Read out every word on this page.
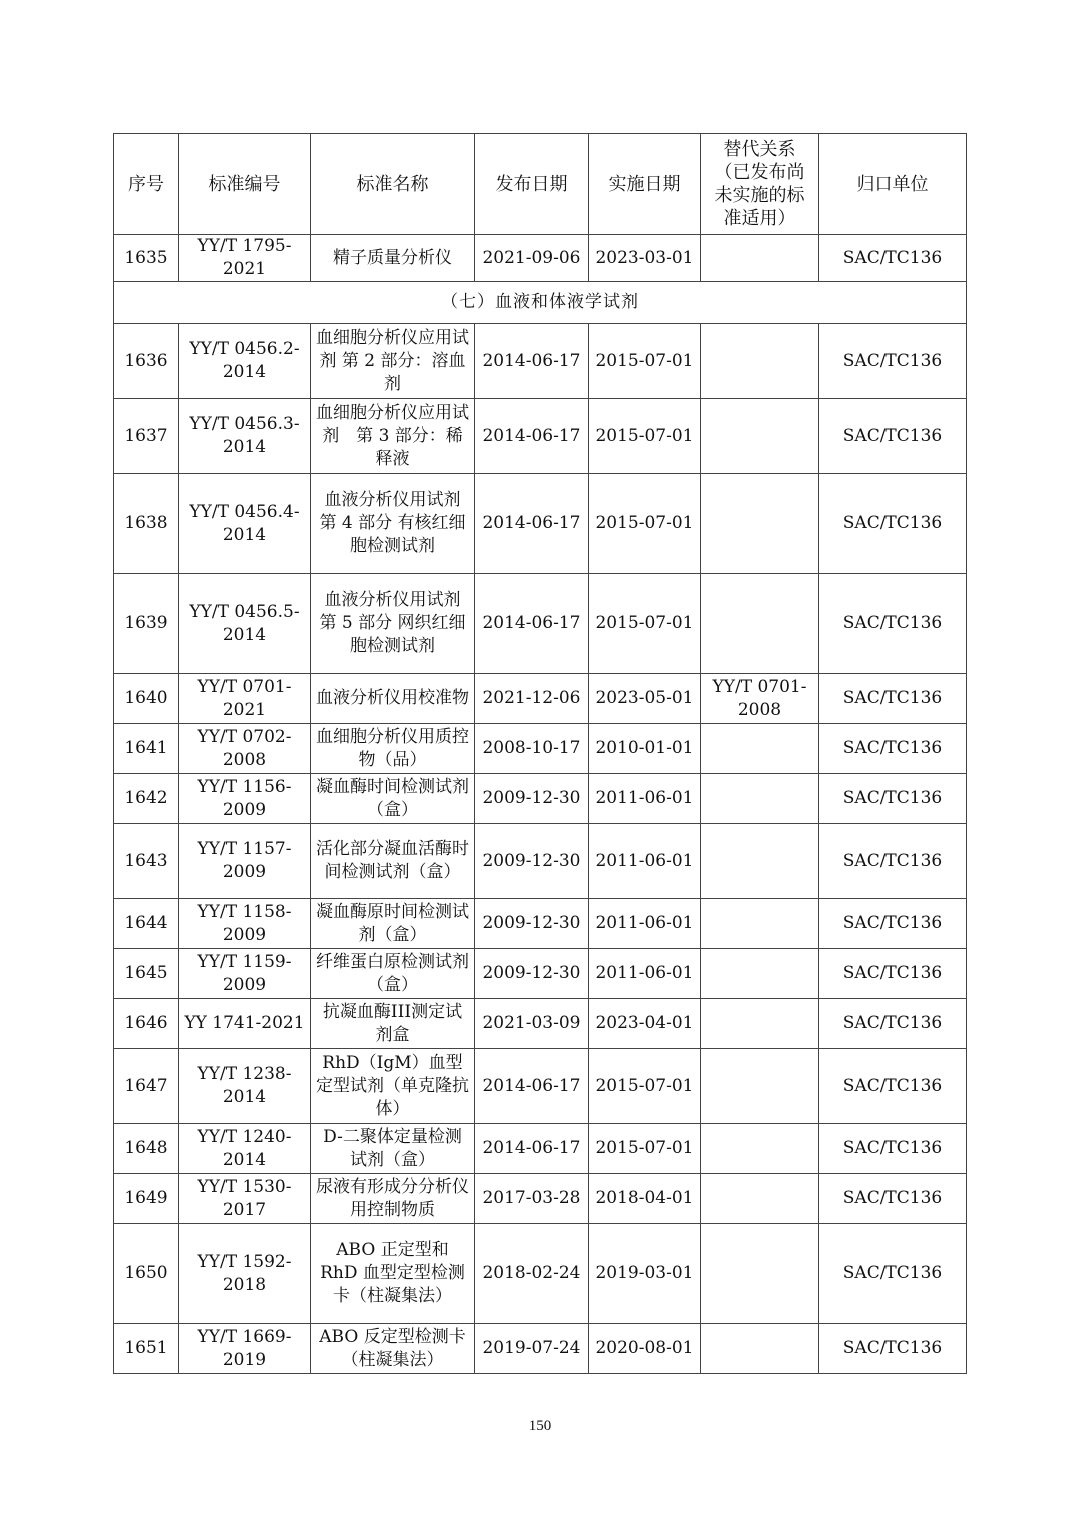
序号	标准编号	标准名称	发布日期	实施日期	替代关系（已发布尚未实施的标准适用）	归口单位
1635	YY/T 1795-2021	精子质量分析仪	2021-09-06	2023-03-01		SAC/TC136
（七）血液和体液学试剂						
1636	YY/T 0456.2-2014	血细胞分析仪应用试剂 第 2 部分：溶血剂	2014-06-17	2015-07-01		SAC/TC136
1637	YY/T 0456.3-2014	血细胞分析仪应用试剂　第 3 部分：稀释液	2014-06-17	2015-07-01		SAC/TC136
1638	YY/T 0456.4-2014	血液分析仪用试剂 第 4 部分 有核红细胞检测试剂	2014-06-17	2015-07-01		SAC/TC136
1639	YY/T 0456.5-2014	血液分析仪用试剂 第 5 部分 网织红细胞检测试剂	2014-06-17	2015-07-01		SAC/TC136
1640	YY/T 0701-2021	血液分析仪用校准物	2021-12-06	2023-05-01	YY/T 0701-2008	SAC/TC136
1641	YY/T 0702-2008	血细胞分析仪用质控物（品）	2008-10-17	2010-01-01		SAC/TC136
1642	YY/T 1156-2009	凝血酶时间检测试剂（盒）	2009-12-30	2011-06-01		SAC/TC136
1643	YY/T 1157-2009	活化部分凝血活酶时间检测试剂（盒）	2009-12-30	2011-06-01		SAC/TC136
1644	YY/T 1158-2009	凝血酶原时间检测试剂（盒）	2009-12-30	2011-06-01		SAC/TC136
1645	YY/T 1159-2009	纤维蛋白原检测试剂（盒）	2009-12-30	2011-06-01		SAC/TC136
1646	YY 1741-2021	抗凝血酶III测定试剂盒	2021-03-09	2023-04-01		SAC/TC136
1647	YY/T 1238-2014	RhD（IgM）血型定型试剂（单克隆抗体）	2014-06-17	2015-07-01		SAC/TC136
1648	YY/T 1240-2014	D-二聚体定量检测试剂（盒）	2014-06-17	2015-07-01		SAC/TC136
1649	YY/T 1530-2017	尿液有形成分分析仪用控制物质	2017-03-28	2018-04-01		SAC/TC136
1650	YY/T 1592-2018	ABO 正定型和 RhD 血型定型检测卡（柱凝集法）	2018-02-24	2019-03-01		SAC/TC136
1651	YY/T 1669-2019	ABO 反定型检测卡（柱凝集法）	2019-07-24	2020-08-01		SAC/TC136
150
